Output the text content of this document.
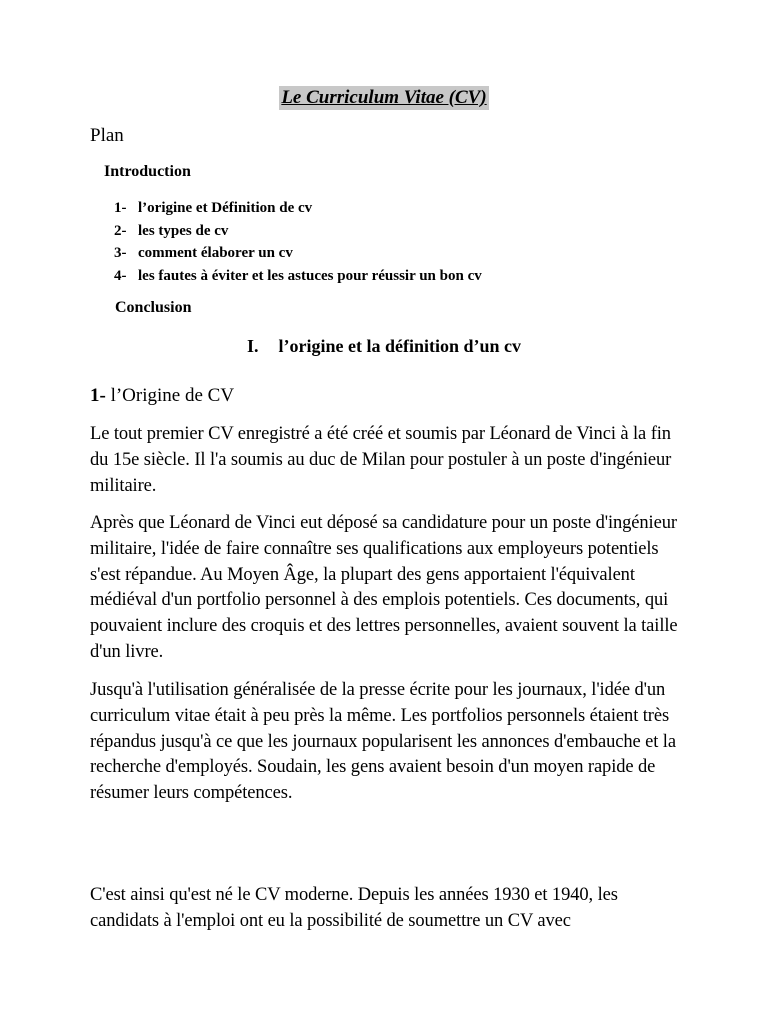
Le Curriculum Vitae (CV)
Plan
Introduction
1- l’origine et Définition de cv
2- les types de cv
3- comment élaborer un cv
4- les fautes à éviter et les astuces pour réussir un bon cv
Conclusion
I. l’origine et la définition d’un cv
1- l’Origine de CV

Le tout premier CV enregistré a été créé et soumis par Léonard de Vinci à la fin du 15e siècle. Il l'a soumis au duc de Milan pour postuler à un poste d'ingénieur militaire.

Après que Léonard de Vinci eut déposé sa candidature pour un poste d'ingénieur militaire, l'idée de faire connaître ses qualifications aux employeurs potentiels s'est répandue. Au Moyen Âge, la plupart des gens apportaient l'équivalent médiéval d'un portfolio personnel à des emplois potentiels. Ces documents, qui pouvaient inclure des croquis et des lettres personnelles, avaient souvent la taille d'un livre.

Jusqu'à l'utilisation généralisée de la presse écrite pour les journaux, l'idée d'un curriculum vitae était à peu près la même. Les portfolios personnels étaient très répandus jusqu'à ce que les journaux popularisent les annonces d'embauche et la recherche d'employés. Soudain, les gens avaient besoin d'un moyen rapide de résumer leurs compétences.

C'est ainsi qu'est né le CV moderne. Depuis les années 1930 et 1940, les candidats à l'emploi ont eu la possibilité de soumettre un CV avec
